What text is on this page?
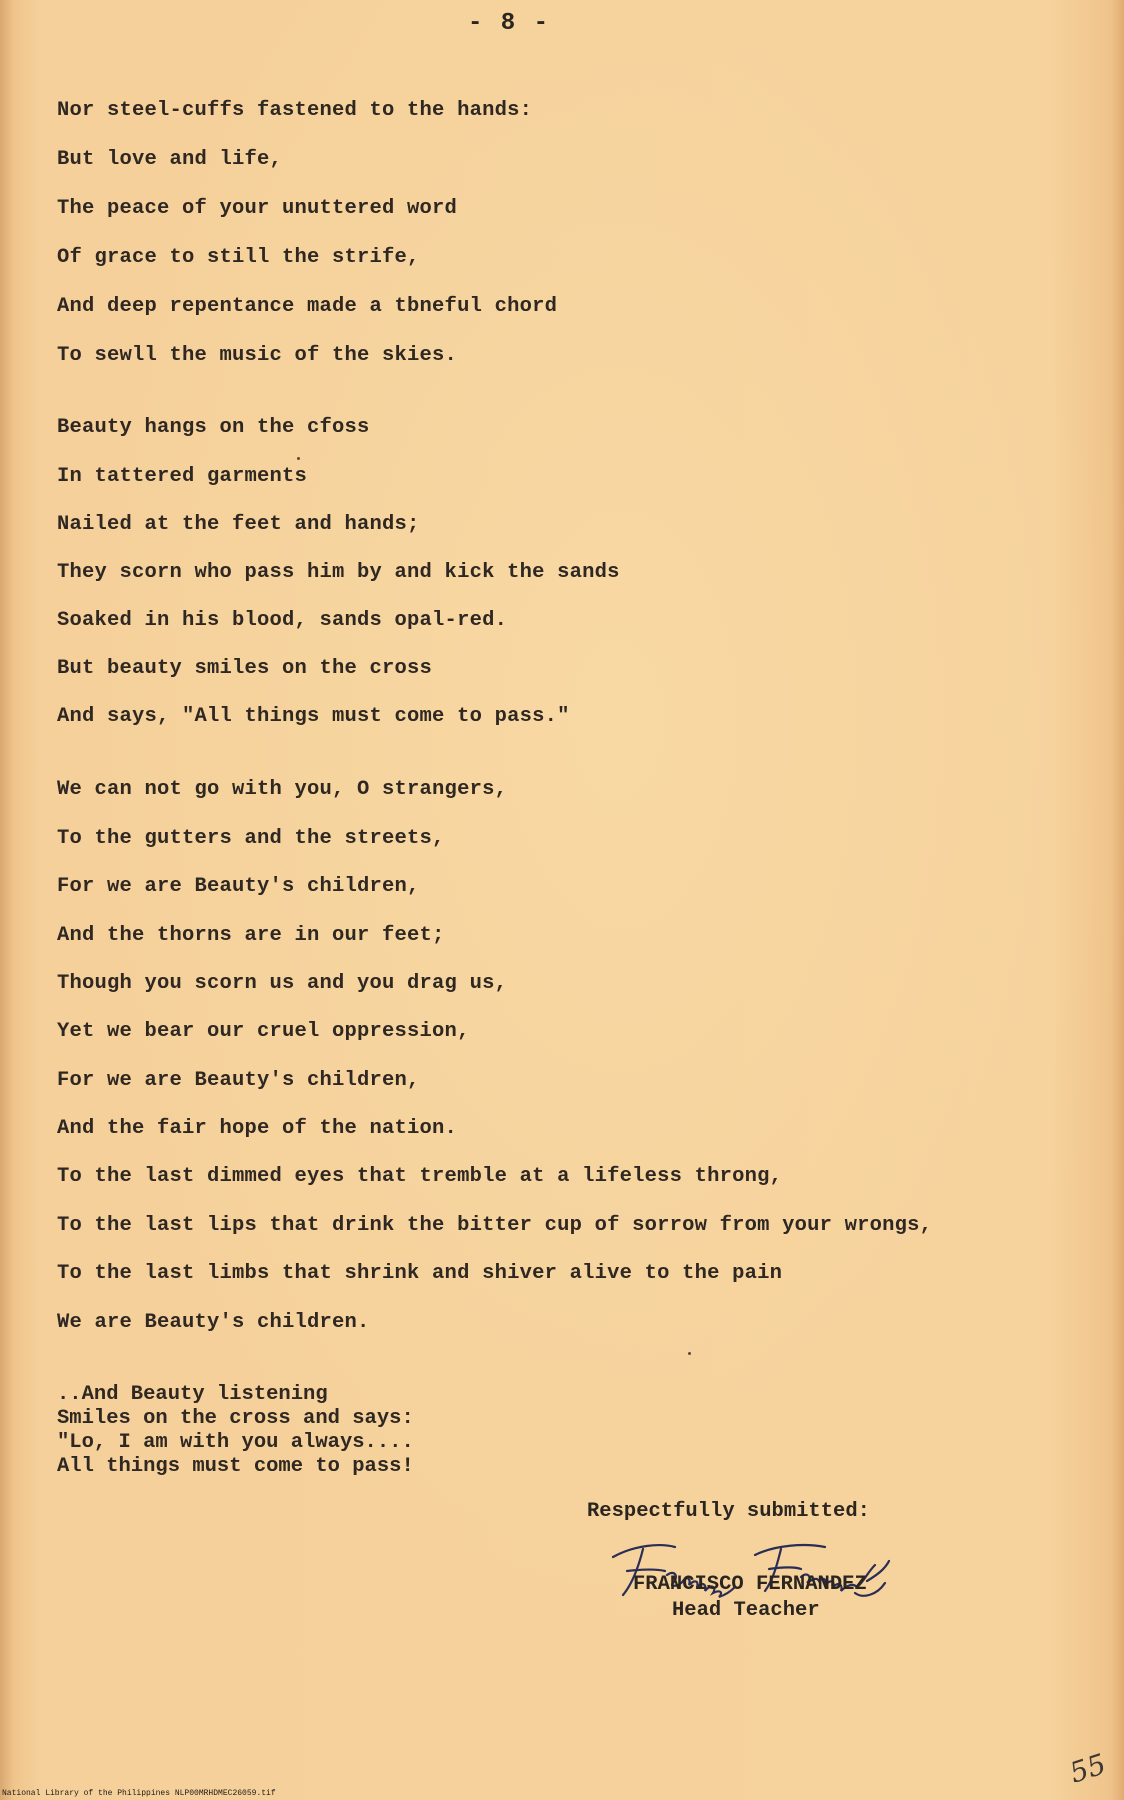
- 8 -
Nor steel-cuffs fastened to the hands:
But love and life,
The peace of your unuttered word
Of grace to still the strife,
And deep repentance made a tbneful chord
To sewll the music of the skies.
Beauty hangs on the cfoss
In tattered garments
Nailed at the feet and hands;
They scorn who pass him by and kick the sands
Soaked in his blood, sands opal-red.
But beauty smiles on the cross
And says, "All things must come to pass."
We can not go with you, O strangers,
To the gutters and the streets,
For we are Beauty's children,
And the thorns are in our feet;
Though you scorn us and you drag us,
Yet we bear our cruel oppression,
For we are Beauty's children,
And the fair hope of the nation.
To the last dimmed eyes that tremble at a lifeless throng,
To the last lips that drink the bitter cup of sorrow from your wrongs,
To the last limbs that shrink and shiver alive to the pain
We are Beauty's children.
..And Beauty listening
Smiles on the cross and says:
"Lo, I am with you always....
All things must come to pass!
Respectfully submitted:
FRANCISCO FERNANDEZ
Head Teacher
National Library of the Philippines NLP00MRHDMEC26059.tif
55
